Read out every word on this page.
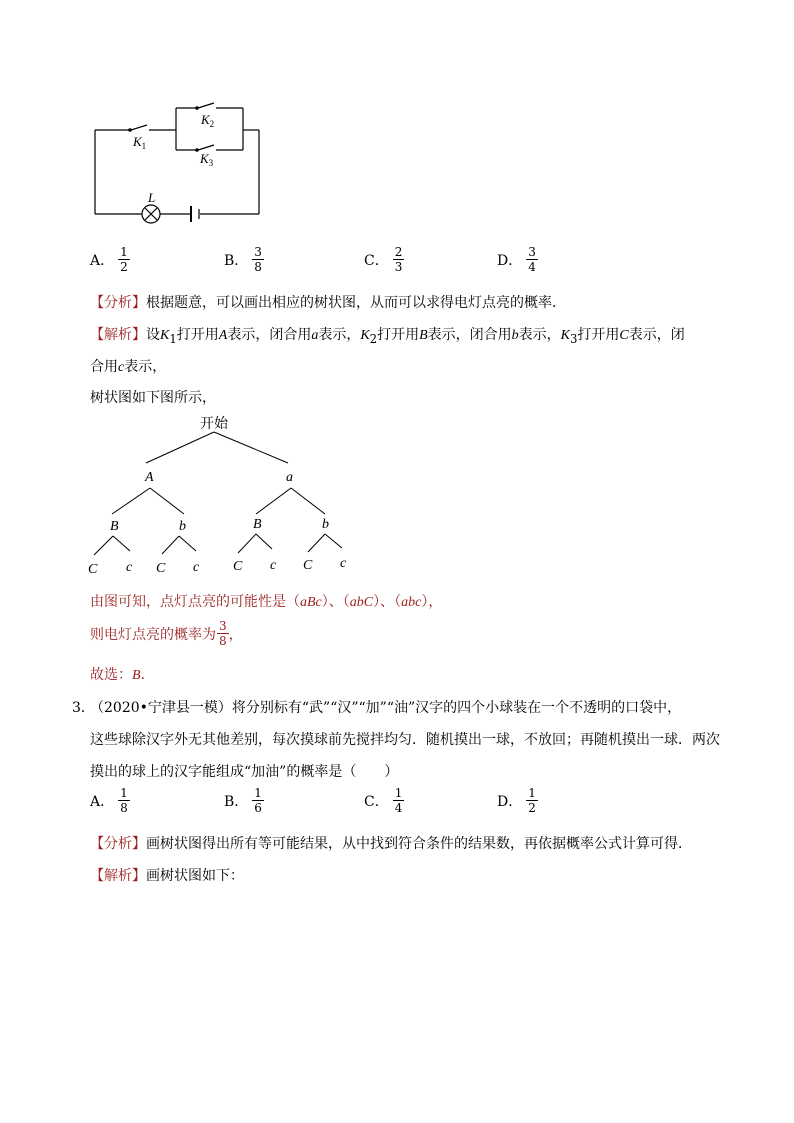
$K_1$
$K_2$
$K_3$
L
A． $\frac{1}{2}$	B． $\frac{3}{8}$	C． $\frac{2}{3}$	D． $\frac{3}{4}$
【分析】根据题意，可以画出相应的树状图，从而可以求得电灯点亮的概率．
【解析】设$K_1$打开用A表示，闭合用a表示，$K_2$打开用B表示，闭合用b表示，$K_3$打开用C表示，闭
合用c表示，
树状图如下图所示，
开始
A	a
B	b	B	b
C c C c C c C c
由图可知，点灯点亮的可能性是（aBc）、（abC）、（abc），
则电灯点亮的概率为 $\frac{3}{8}$ ，
故选：B．
3．
（2020•宁津县一模）将分别标有“武”“汉”“加”“油”汉字的四个小球装在一个不透明的口袋中，
这些球除汉字外无其他差别，每次摸球前先搅拌均匀．随机摸出一球，不放回；再随机摸出一球．两次
摸出的球上的汉字能组成“加油”的概率是（　　）
A． $\frac{1}{8}$	B． $\frac{1}{6}$	C． $\frac{1}{4}$	D． $\frac{1}{2}$
【分析】画树状图得出所有等可能结果，从中找到符合条件的结果数，再依据概率公式计算可得．
【解析】画树状图如下：
